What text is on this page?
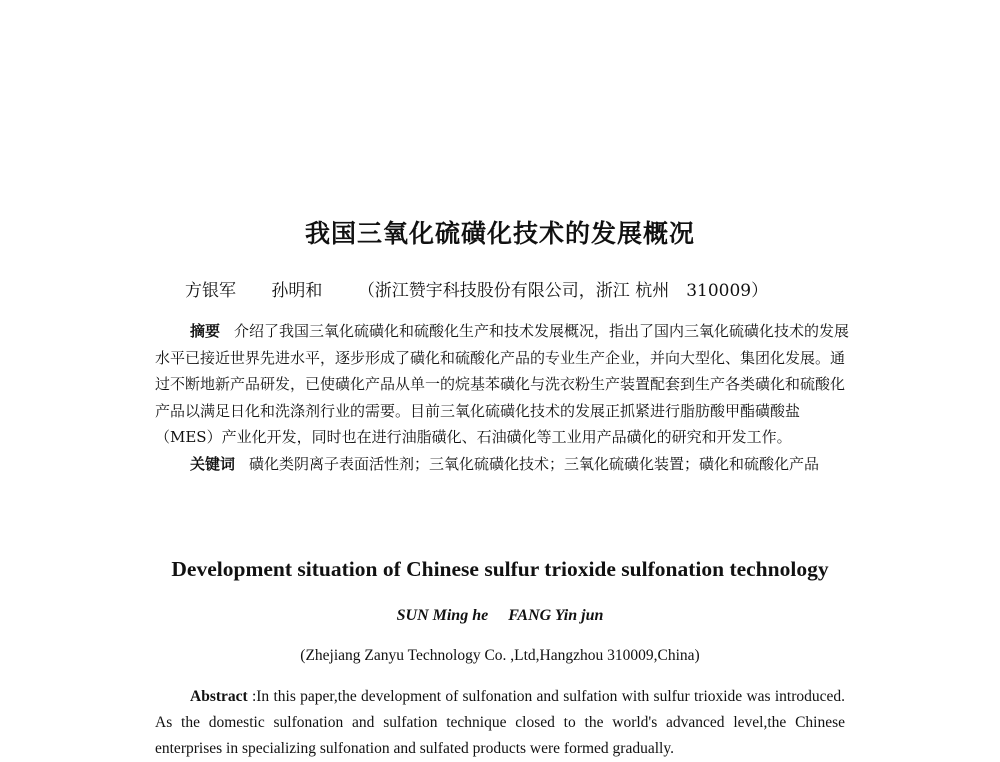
我国三氧化硫磺化技术的发展概况
方银军 孙明和 （浙江赞宇科技股份有限公司，浙江 杭州　310009）

摘要 介绍了我国三氧化硫磺化和硫酸化生产和技术发展概况，指出了国内三氧化硫磺化技术的发展水平已接近世界先进水平，逐步形成了磺化和硫酸化产品的专业生产企业，并向大型化、集团化发展。通过不断地新产品研发，已使磺化产品从单一的烷基苯磺化与洗衣粉生产装置配套到生产各类磺化和硫酸化产品以满足日化和洗涤剂行业的需要。目前三氧化硫磺化技术的发展正抓紧进行脂肪酸甲酯磺酸盐（MES）产业化开发，同时也在进行油脂磺化、石油磺化等工业用产品磺化的研究和开发工作。

关键词 磺化类阴离子表面活性剂；三氧化硫磺化技术；三氧化硫磺化装置；磺化和硫酸化产品

Development situation of Chinese sulfur trioxide sulfonation technology
SUN Ming he FANG Yin jun
(Zhejiang Zanyu Technology Co. ,Ltd,Hangzhou 310009,China)

Abstract :In this paper,the development of sulfonation and sulfation with sulfur trioxide was introduced. As the domestic sulfonation and sulfation technique closed to the world's advanced level,the Chinese enterprises in specializing sulfonation and sulfated products were formed gradually.
